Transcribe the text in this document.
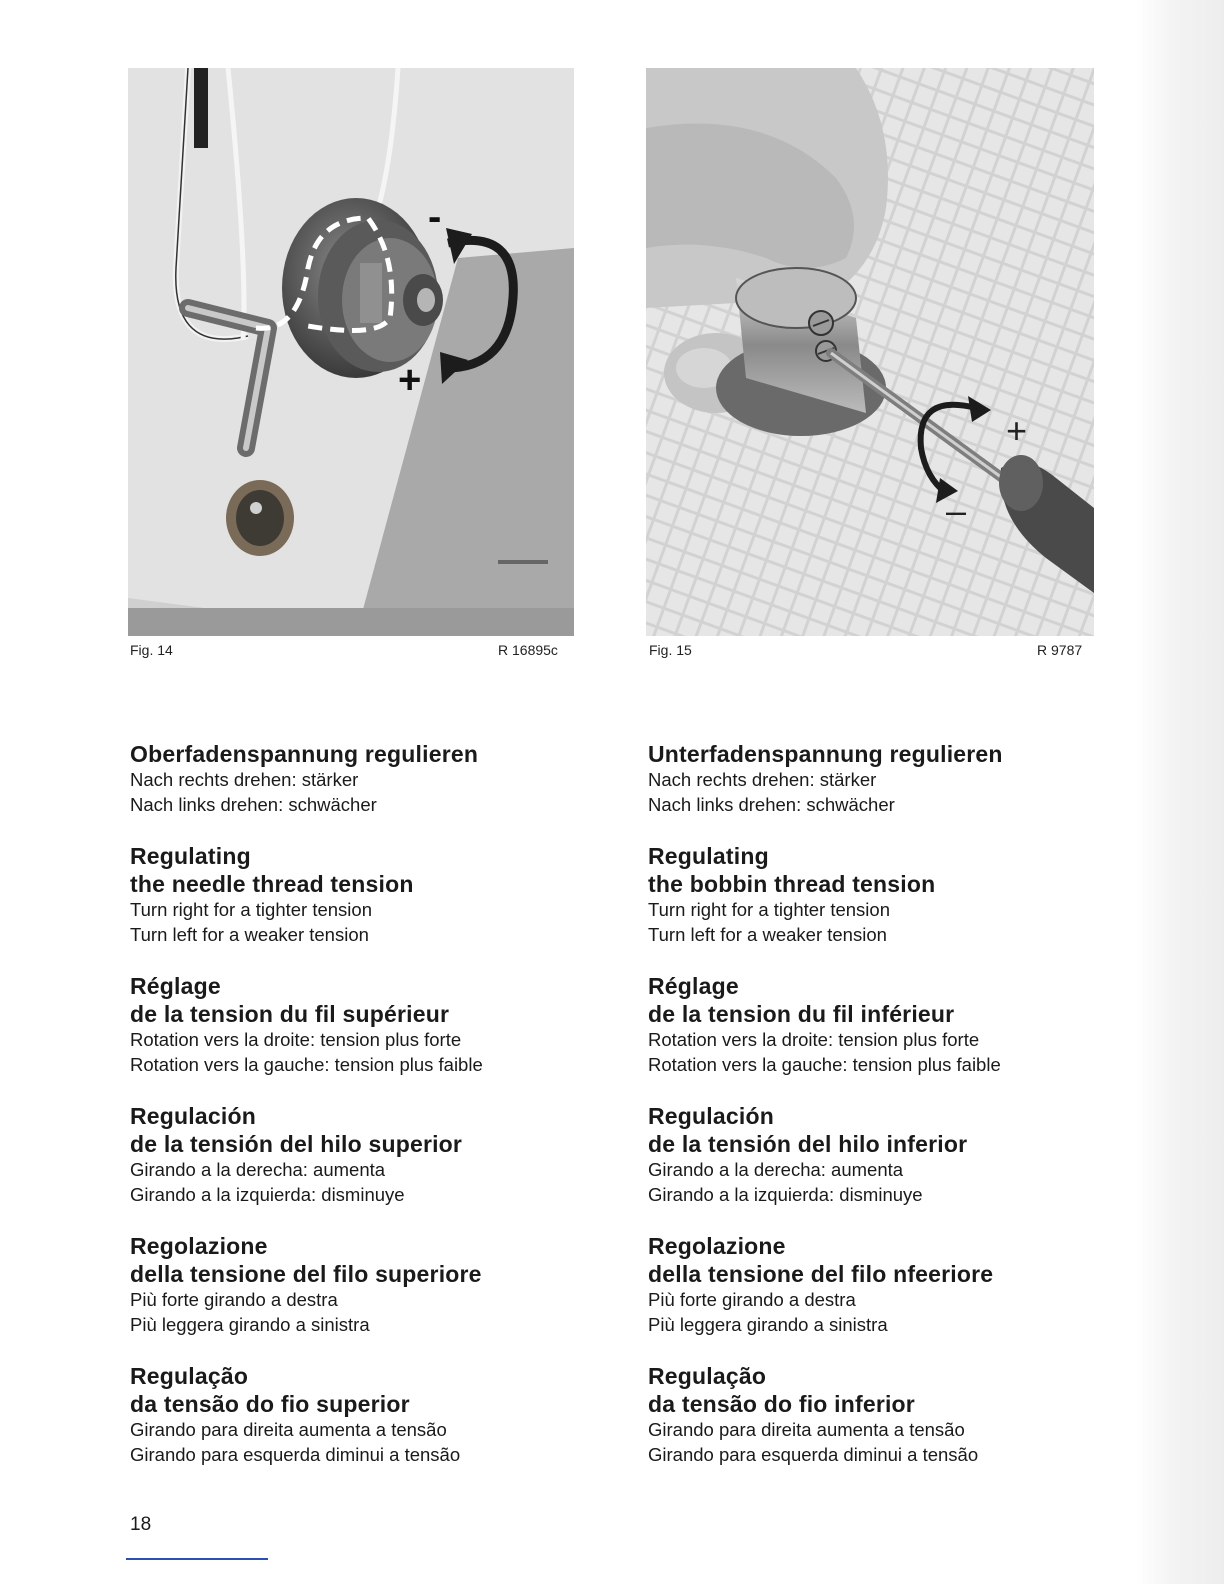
+
-
+
–
Fig. 14	R 16895c	Fig. 15	R 9787
Oberfadenspannung regulieren
Nach rechts drehen: stärker
Nach links drehen: schwächer
Regulating
the needle thread tension
Turn right for a tighter tension
Turn left for a weaker tension
Réglage
de la tension du fil supérieur
Rotation vers la droite: tension plus forte
Rotation vers la gauche: tension plus faible
Regulación
de la tensión del hilo superior
Girando a la derecha: aumenta
Girando a la izquierda: disminuye
Regolazione
della tensione del filo superiore
Più forte girando a destra
Più leggera girando a sinistra
Regulação
da tensão do fio superior
Girando para direita aumenta a tensão
Girando para esquerda diminui a tensão
Unterfadenspannung regulieren
Nach rechts drehen: stärker
Nach links drehen: schwächer
Regulating
the bobbin thread tension
Turn right for a tighter tension
Turn left for a weaker tension
Réglage
de la tension du fil inférieur
Rotation vers la droite: tension plus forte
Rotation vers la gauche: tension plus faible
Regulación
de la tensión del hilo inferior
Girando a la derecha: aumenta
Girando a la izquierda: disminuye
Regolazione
della tensione del filo nfeeriore
Più forte girando a destra
Più leggera girando a sinistra
Regulação
da tensão do fio inferior
Girando para direita aumenta a tensão
Girando para esquerda diminui a tensão
18
